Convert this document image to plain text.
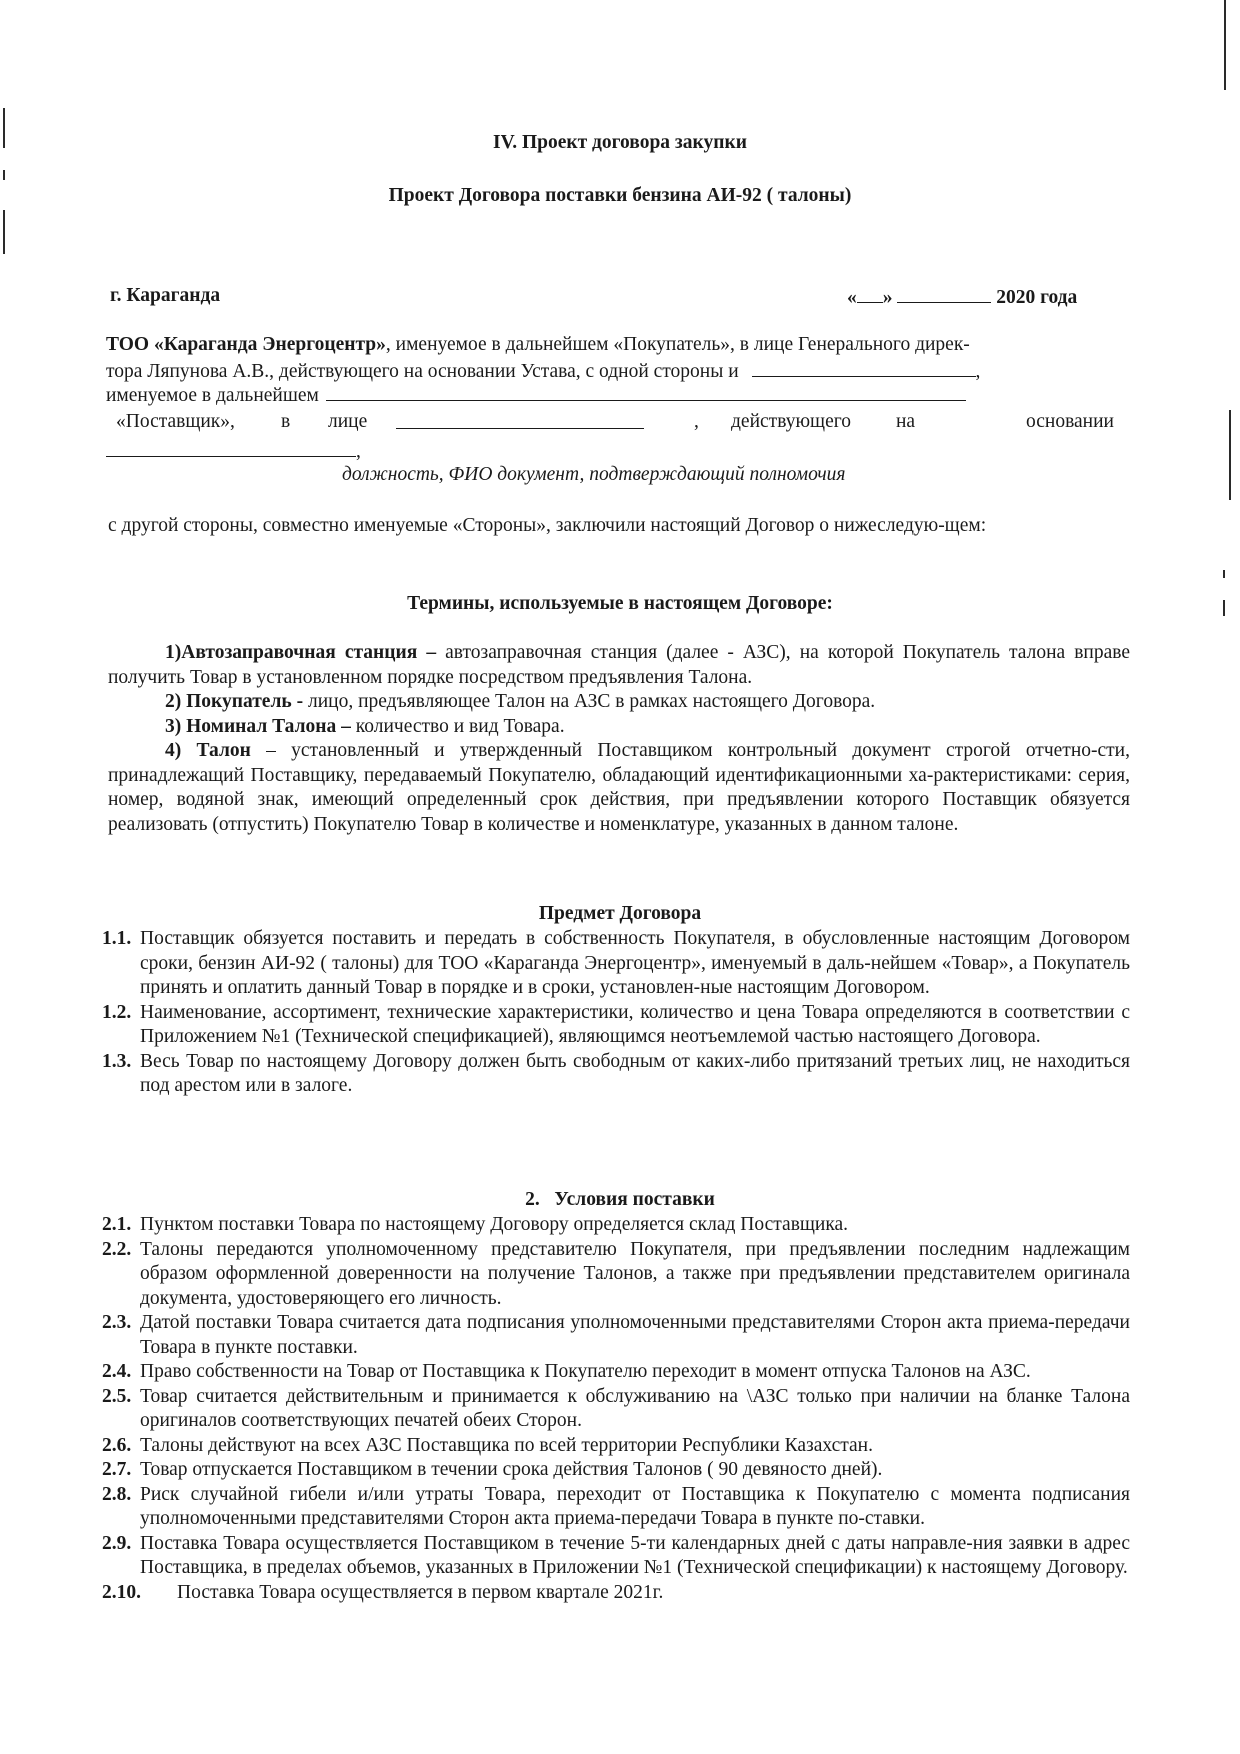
IV. Проект договора закупки
Проект Договора поставки бензина АИ-92 ( талоны)
г. Караганда	« »	2020 года
ТОО «Караганда Энергоцентр», именуемое в дальнейшем «Покупатель», в лице Генерального дирек-
тора Ляпунова А.В., действующего на основании Устава, с одной стороны и	,
именуемое в дальнейшем
«Поставщик», в лице	, действующего на	основании
,
должность, ФИО документ, подтверждающий полномочия
с другой стороны, совместно именуемые «Стороны», заключили настоящий Договор о нижеследую-щем:
Термины, используемые в настоящем Договоре:
1)Автозаправочная станция – автозаправочная станция (далее - АЗС), на которой Покупатель талона вправе получить Товар в установленном порядке посредством предъявления Талона.
2) Покупатель - лицо, предъявляющее Талон на АЗС в рамках настоящего Договора.
3) Номинал Талона – количество и вид Товара.
4) Талон – установленный и утвержденный Поставщиком контрольный документ строгой отчетно-сти, принадлежащий Поставщику, передаваемый Покупателю, обладающий идентификационными ха-рактеристиками: серия, номер, водяной знак, имеющий определенный срок действия, при предъявлении которого Поставщик обязуется реализовать (отпустить) Покупателю Товар в количестве и номенклатуре, указанных в данном талоне.
Предмет Договора
1.1. Поставщик обязуется поставить и передать в собственность Покупателя, в обусловленные настоящим Договором сроки, бензин АИ-92 ( талоны) для ТОО «Караганда Энергоцентр», именуемый в даль-нейшем «Товар», а Покупатель принять и оплатить данный Товар в порядке и в сроки, установлен-ные настоящим Договором.
1.2. Наименование, ассортимент, технические характеристики, количество и цена Товара определяются в соответствии с Приложением №1 (Технической спецификацией), являющимся неотъемлемой частью настоящего Договора.
1.3. Весь Товар по настоящему Договору должен быть свободным от каких-либо притязаний третьих лиц, не находиться под арестом или в залоге.
2.   Условия поставки
2.1. Пунктом поставки Товара по настоящему Договору определяется склад Поставщика.
2.2. Талоны передаются уполномоченному представителю Покупателя, при предъявлении последним надлежащим образом оформленной доверенности на получение Талонов, а также при предъявлении представителем оригинала документа, удостоверяющего его личность.
2.3. Датой поставки Товара считается дата подписания уполномоченными представителями Сторон акта приема-передачи Товара в пункте поставки.
2.4. Право собственности на Товар от Поставщика к Покупателю переходит в момент отпуска Талонов на АЗС.
2.5. Товар считается действительным и принимается к обслуживанию на \АЗС только при наличии на бланке Талона оригиналов соответствующих печатей обеих Сторон.
2.6. Талоны действуют на всех АЗС Поставщика по всей территории Республики Казахстан.
2.7. Товар отпускается Поставщиком в течении срока действия Талонов ( 90 девяносто дней).
2.8. Риск случайной гибели и/или утраты Товара, переходит от Поставщика к Покупателю с момента подписания уполномоченными представителями Сторон акта приема-передачи Товара в пункте по-ставки.
2.9. Поставка Товара осуществляется Поставщиком в течение 5-ти календарных дней с даты направле-ния заявки в адрес Поставщика, в пределах объемов, указанных в Приложении №1 (Технической спецификации) к настоящему Договору.
2.10. Поставка Товара осуществляется в первом квартале 2021г.
